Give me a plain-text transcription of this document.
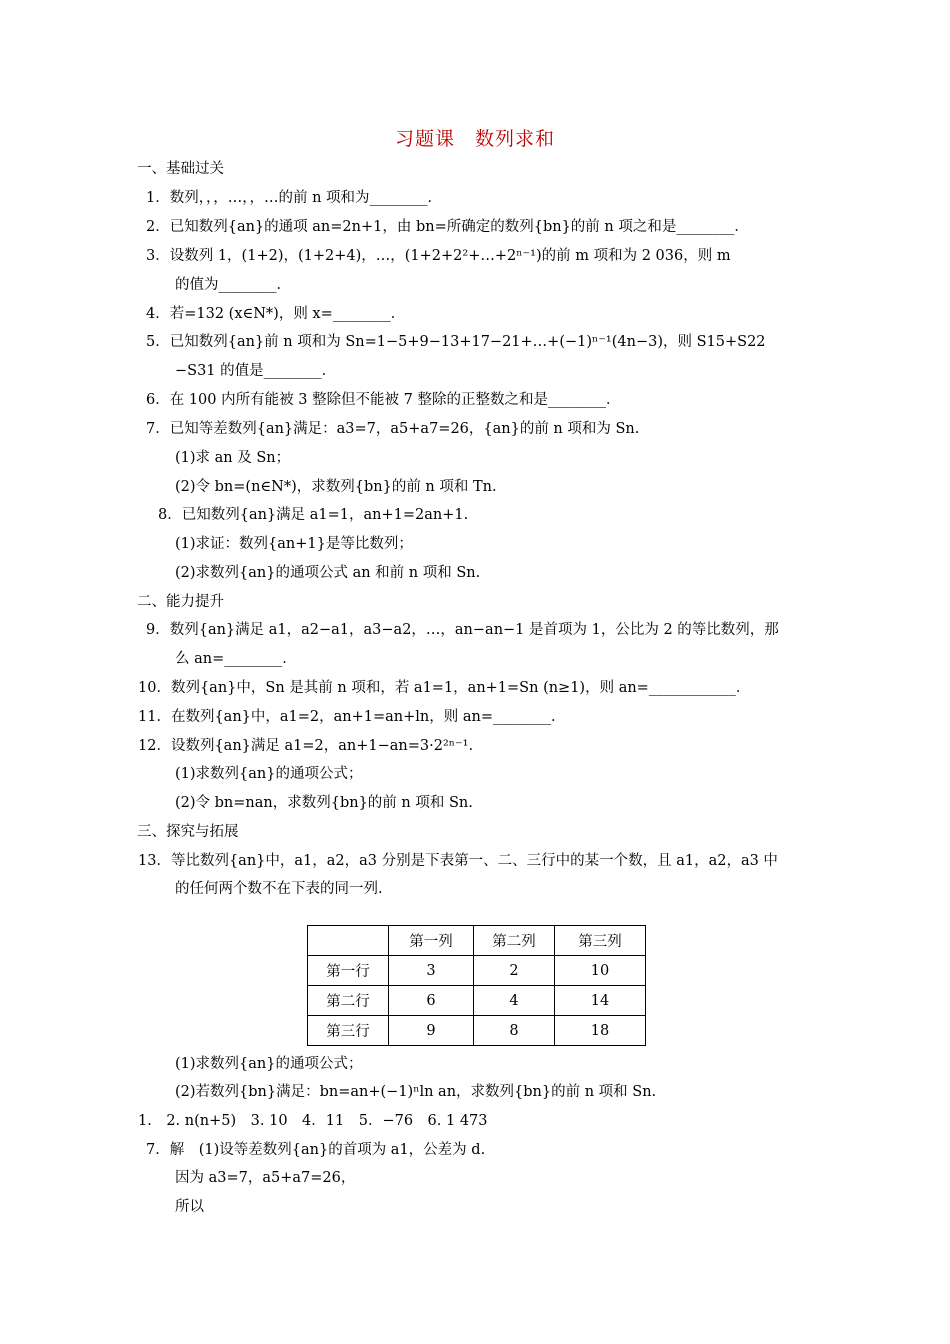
习题课　数列求和
一、基础过关
1．数列，，，…，，…的前 n 项和为________．
2．已知数列{an}的通项 an=2n+1，由 bn=所确定的数列{bn}的前 n 项之和是________．
3．设数列 1，(1+2)，(1+2+4)，…，(1+2+2²+…+2ⁿ⁻¹)的前 m 项和为 2 036，则 m
的值为________．
4．若=132 (x∈N*)，则 x=________．
5．已知数列{an}前 n 项和为 Sn=1−5+9−13+17−21+…+(−1)ⁿ⁻¹(4n−3)，则 S15+S22
−S31 的值是________．
6．在 100 内所有能被 3 整除但不能被 7 整除的正整数之和是________．
7．已知等差数列{an}满足：a3=7，a5+a7=26，{an}的前 n 项和为 Sn.
(1)求 an 及 Sn；
(2)令 bn=(n∈N*)，求数列{bn}的前 n 项和 Tn.
8．已知数列{an}满足 a1=1，an+1=2an+1.
(1)求证：数列{an+1}是等比数列；
(2)求数列{an}的通项公式 an 和前 n 项和 Sn.
二、能力提升
9．数列{an}满足 a1，a2−a1，a3−a2，…，an−an−1 是首项为 1，公比为 2 的等比数列，那
么 an=________．
10．数列{an}中，Sn 是其前 n 项和，若 a1=1，an+1=Sn (n≥1)，则 an=____________．
11．在数列{an}中，a1=2，an+1=an+ln，则 an=________．
12．设数列{an}满足 a1=2，an+1−an=3·2²ⁿ⁻¹.
(1)求数列{an}的通项公式；
(2)令 bn=nan，求数列{bn}的前 n 项和 Sn.
三、探究与拓展
13．等比数列{an}中，a1，a2，a3 分别是下表第一、二、三行中的某一个数，且 a1，a2，a3 中
的任何两个数不在下表的同一列.
	第一列	第二列	第三列
第一行	3	2	10
第二行	6	4	14
第三行	9	8	18
(1)求数列{an}的通项公式；
(2)若数列{bn}满足：bn=an+(−1)ⁿln an，求数列{bn}的前 n 项和 Sn.
1.　2. n(n+5)　3. 10　4．11　5．−76　6. 1 473
7．解　(1)设等差数列{an}的首项为 a1，公差为 d.
因为 a3=7，a5+a7=26，
所以
